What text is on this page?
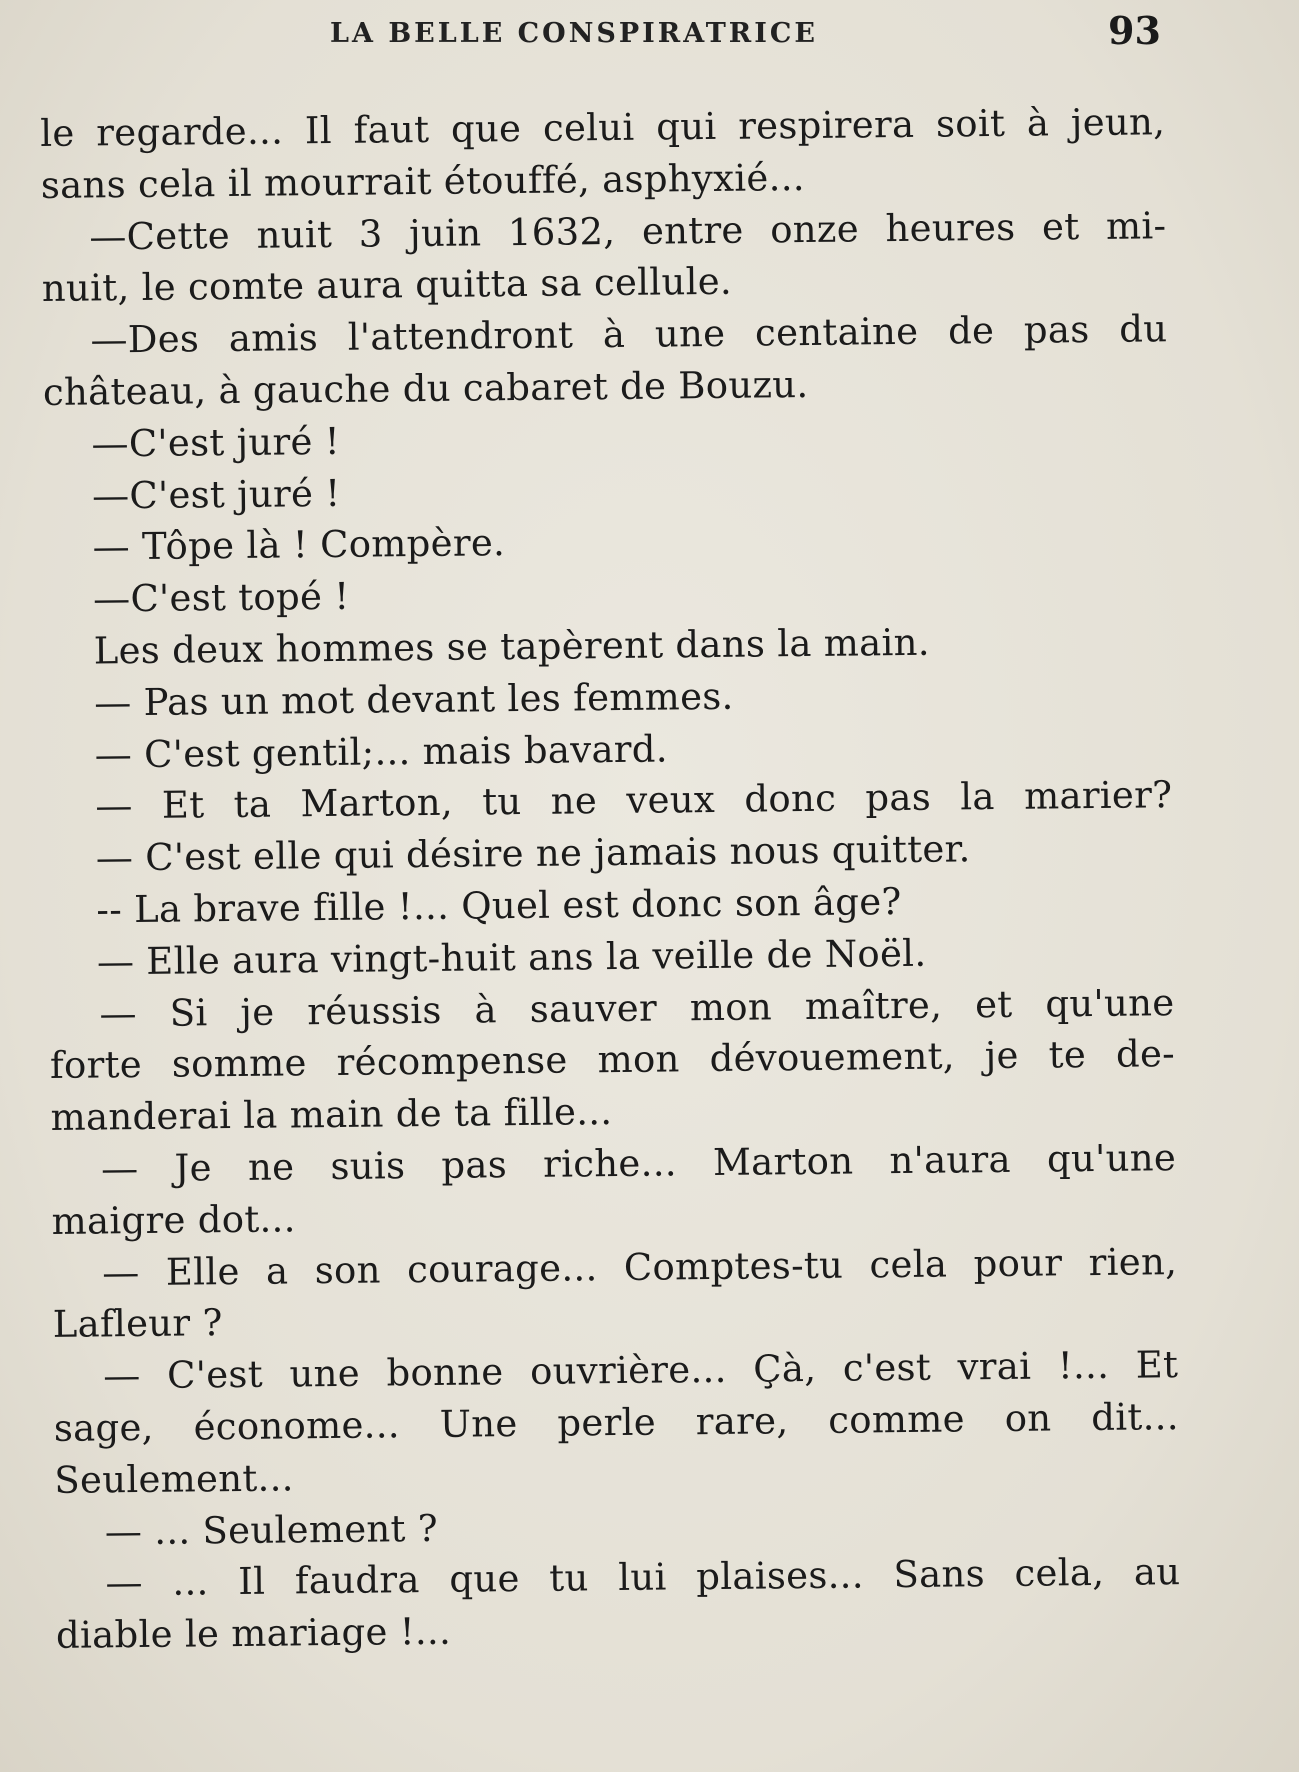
LA BELLE CONSPIRATRICE	93
le regarde... Il faut que celui qui respirera soit à jeun,
sans cela il mourrait étouffé, asphyxié...
—Cette nuit 3 juin 1632, entre onze heures et mi-
nuit, le comte aura quitta sa cellule.
—Des amis l'attendront à une centaine de pas du
château, à gauche du cabaret de Bouzu.
—C'est juré !
—C'est juré !
— Tôpe là ! Compère.
—C'est topé !
Les deux hommes se tapèrent dans la main.
— Pas un mot devant les femmes.
— C'est gentil;... mais bavard.
— Et ta Marton, tu ne veux donc pas la marier?
— C'est elle qui désire ne jamais nous quitter.
-- La brave fille !... Quel est donc son âge?
— Elle aura vingt-huit ans la veille de Noël.
— Si je réussis à sauver mon maître, et qu'une
forte somme récompense mon dévouement, je te de-
manderai la main de ta fille...
— Je ne suis pas riche... Marton n'aura qu'une
maigre dot...
— Elle a son courage... Comptes-tu cela pour rien,
Lafleur ?
— C'est une bonne ouvrière... Çà, c'est vrai !... Et
sage, économe... Une perle rare, comme on dit...
Seulement...
— ... Seulement ?
— ... Il faudra que tu lui plaises... Sans cela, au
diable le mariage !...
